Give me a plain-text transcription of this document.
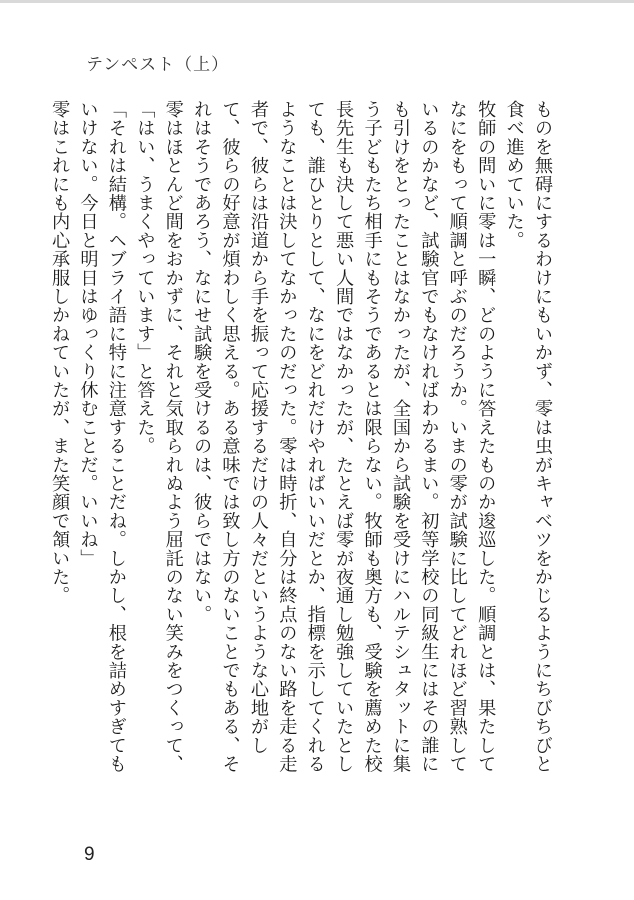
テンペスト（上）

ものを無碍にするわけにもいかず、零は虫がキャベツをかじるようにちびちびと食べ進めていた。

牧師の問いに零は一瞬、どのように答えたものか逡巡した。順調とは、果たしてなにをもって順調と呼ぶのだろうか。いまの零が試験に比してどれほど習熟しているのかなど、試験官でもなければわかるまい。初等学校の同級生にはその誰にも引けをとったことはなかったが、全国から試験を受けにハルテシュタットに集う子どもたち相手にもそうであるとは限らない。牧師も奥方も、受験を薦めた校長先生も決して悪い人間ではなかったが、たとえば零が夜通し勉強していたとしても、誰ひとりとして、なにをどれだけやればいいだとか、指標を示してくれるようなことは決してなかったのだった。零は時折、自分は終点のない路を走る走者で、彼らは沿道から手を振って応援するだけの人々だというような心地がして、彼らの好意が煩わしく思える。ある意味では致し方のないことでもある、それはそうであろう、なにせ試験を受けるのは、彼らではない。

零はほとんど間をおかずに、それと気取られぬよう屈託のない笑みをつくって、「はい、うまくやっています」と答えた。

「それは結構。ヘブライ語に特に注意することだね。しかし、根を詰めすぎてもいけない。今日と明日はゆっくり休むことだ。いいね」

零はこれにも内心承服しかねていたが、また笑顔で頷いた。

9
